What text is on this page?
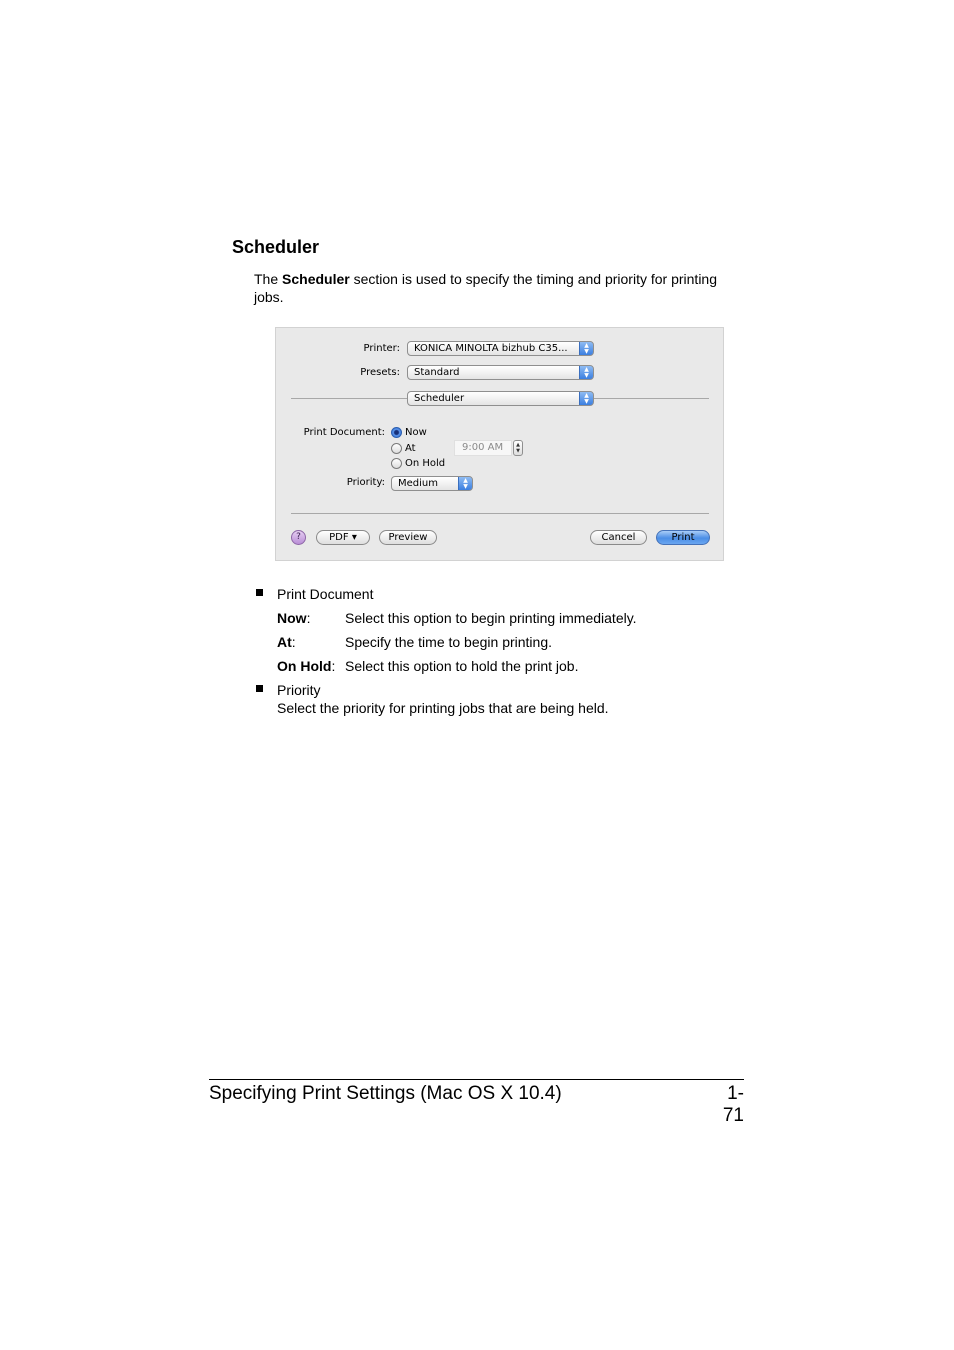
Scheduler
The Scheduler section is used to specify the timing and priority for printing jobs.
Printer:	KONICA MINOLTA bizhub C35...	▲
▼
Presets:	Standard	▲
▼
Scheduler	▲
▼
Print Document: Now
At	9:00 AM	▲
▼
On Hold
Priority:	Medium	▲
▼
?	PDF ▾	Preview	Cancel	Print
Print Document
Now: Select this option to begin printing immediately.
At:	Specify the time to begin printing.
On Hold: Select this option to hold the print job.
Priority
Select the priority for printing jobs that are being held.
Specifying Print Settings (Mac OS X 10.4)	1-71
